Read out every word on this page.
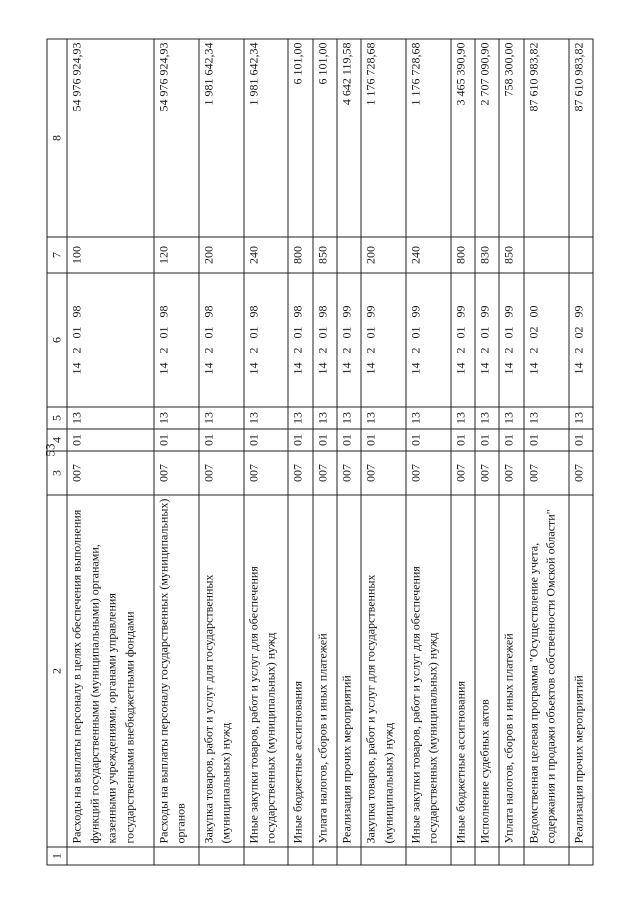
53
1	2	3	4	5	6	7	8
	Расходы на выплаты персоналу в целях обеспечения выполнения функций государственными (муниципальными) органами, казенными учреждениями, органами управления государственными внебюджетными фондами	007	01	13	14 2 01 98	100	54 976 924,93
	Расходы на выплаты персоналу государственных (муниципальных) органов	007	01	13	14 2 01 98	120	54 976 924,93
	Закупка товаров, работ и услуг для государственных (муниципальных) нужд	007	01	13	14 2 01 98	200	1 981 642,34
	Иные закупки товаров, работ и услуг для обеспечения государственных (муниципальных) нужд	007	01	13	14 2 01 98	240	1 981 642,34
	Иные бюджетные ассигнования	007	01	13	14 2 01 98	800	6 101,00
	Уплата налогов, сборов и иных платежей	007	01	13	14 2 01 98	850	6 101,00
	Реализация прочих мероприятий	007	01	13	14 2 01 99		4 642 119,58
	Закупка товаров, работ и услуг для государственных (муниципальных) нужд	007	01	13	14 2 01 99	200	1 176 728,68
	Иные закупки товаров, работ и услуг для обеспечения государственных (муниципальных) нужд	007	01	13	14 2 01 99	240	1 176 728,68
	Иные бюджетные ассигнования	007	01	13	14 2 01 99	800	3 465 390,90
	Исполнение судебных актов	007	01	13	14 2 01 99	830	2 707 090,90
	Уплата налогов, сборов и иных платежей	007	01	13	14 2 01 99	850	758 300,00
	Ведомственная целевая программа "Осуществление учета, содержания и продажи объектов собственности Омской области"	007	01	13	14 2 02 00		87 610 983,82
	Реализация прочих мероприятий	007	01	13	14 2 02 99		87 610 983,82
